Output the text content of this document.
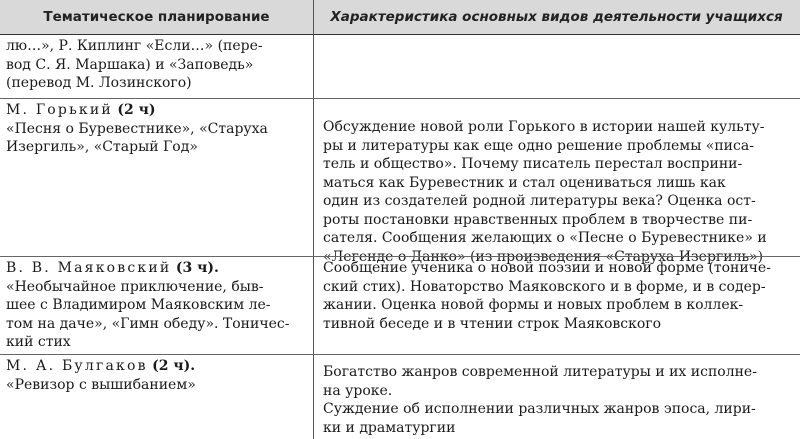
Тематическое планирование	Характеристика основных видов деятельности учащихся
лю…», Р. Киплинг «Если…» (пере-
вод С. Я. Маршака) и «Заповедь»
(перевод М. Лозинского)
М. Горький (2 ч)
«Песня о Буревестнике», «Старуха
Изергиль», «Старый Год»
Обсуждение новой роли Горького в истории нашей культу-
ры и литературы как еще одно решение проблемы «писа-
тель и общество». Почему писатель перестал восприни-
маться как Буревестник и стал оцениваться лишь как
один из создателей родной литературы века? Оценка ост-
роты постановки нравственных проблем в творчестве пи-
сателя. Сообщения желающих о «Песне о Буревестнике» и
«Легенде о Данко» (из произведения «Старуха Изергиль»)
В. В. Маяковский (3 ч).
«Необычайное приключение, быв-
шее с Владимиром Маяковским ле-
том на даче», «Гимн обеду». Тоничес-
кий стих
Сообщение ученика о новой поэзии и новой форме (тониче-
ский стих). Новаторство Маяковского и в форме, и в содер-
жании. Оценка новой формы и новых проблем в коллек-
тивной беседе и в чтении строк Маяковского
М. А. Булгаков (2 ч).
«Ревизор с вышибанием»
Богатство жанров современной литературы и их исполне-
на уроке.
Суждение об исполнении различных жанров эпоса, лири-
ки и драматургии
